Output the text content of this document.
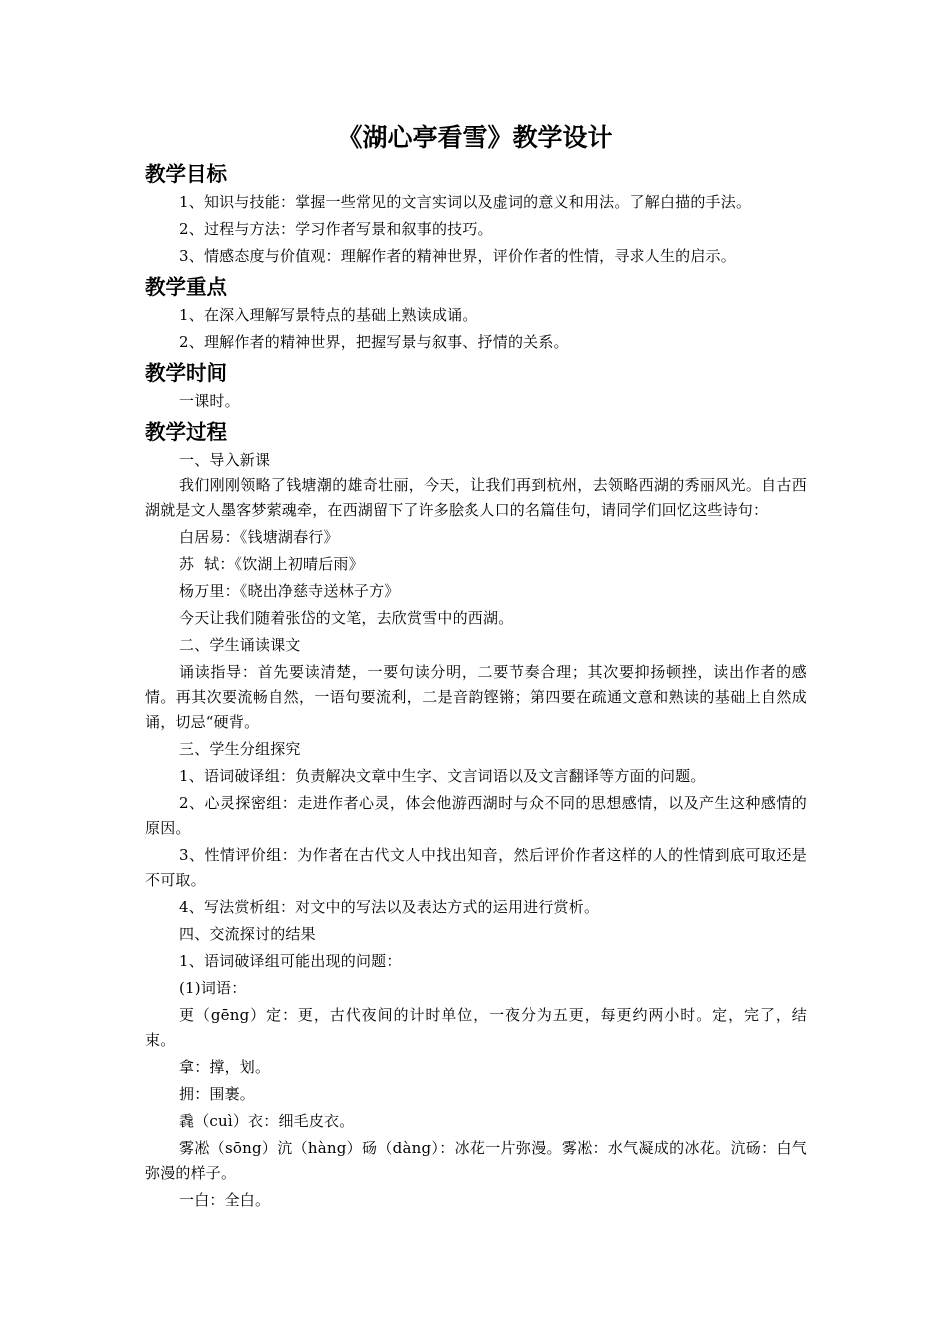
《湖心亭看雪》教学设计
教学目标

1、知识与技能：掌握一些常见的文言实词以及虚词的意义和用法。了解白描的手法。

2、过程与方法：学习作者写景和叙事的技巧。

3、情感态度与价值观：理解作者的精神世界，评价作者的性情，寻求人生的启示。

教学重点

1、在深入理解写景特点的基础上熟读成诵。

2、理解作者的精神世界，把握写景与叙事、抒情的关系。

教学时间

一课时。

教学过程

一、导入新课

我们刚刚领略了钱塘潮的雄奇壮丽，今天，让我们再到杭州，去领略西湖的秀丽风光。自古西湖就是文人墨客梦萦魂牵，在西湖留下了许多脍炙人口的名篇佳句，请同学们回忆这些诗句：

白居易：《钱塘湖春行》

苏  轼：《饮湖上初晴后雨》

杨万里：《晓出净慈寺送林子方》

今天让我们随着张岱的文笔，去欣赏雪中的西湖。

二、学生诵读课文

诵读指导：首先要读清楚，一要句读分明，二要节奏合理；其次要抑扬顿挫，读出作者的感情。再其次要流畅自然，一语句要流利，二是音韵铿锵；第四要在疏通文意和熟读的基础上自然成诵，切忌“硬背。

三、学生分组探究

1、语词破译组：负责解决文章中生字、文言词语以及文言翻译等方面的问题。

2、心灵探密组：走进作者心灵，体会他游西湖时与众不同的思想感情，以及产生这种感情的原因。

3、性情评价组：为作者在古代文人中找出知音，然后评价作者这样的人的性情到底可取还是不可取。

4、写法赏析组：对文中的写法以及表达方式的运用进行赏析。

四、交流探讨的结果

1、语词破译组可能出现的问题：

(1)词语：

更（gēng）定：更，古代夜间的计时单位，一夜分为五更，每更约两小时。定，完了，结束。

拿：撑，划。

拥：围裹。

毳（cuì）衣：细毛皮衣。

雾凇（sōng）沆（hàng）砀（dàng）：冰花一片弥漫。雾凇：水气凝成的冰花。沆砀：白气弥漫的样子。

一白：全白。
